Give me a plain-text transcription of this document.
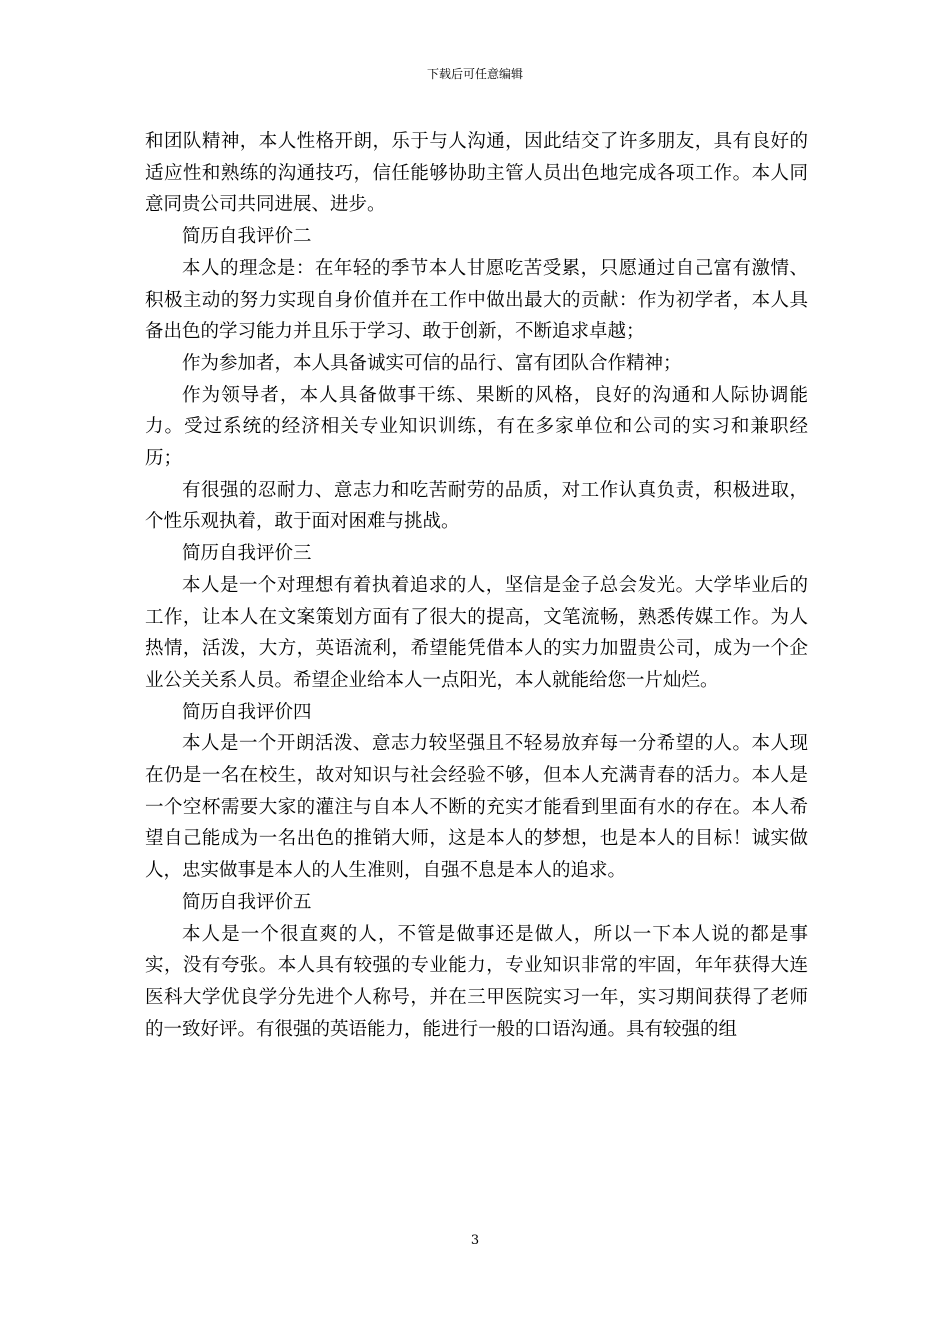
下载后可任意编辑

和团队精神，本人性格开朗，乐于与人沟通，因此结交了许多朋友，具有良好的适应性和熟练的沟通技巧，信任能够协助主管人员出色地完成各项工作。本人同意同贵公司共同进展、进步。

简历自我评价二

本人的理念是：在年轻的季节本人甘愿吃苦受累，只愿通过自己富有激情、积极主动的努力实现自身价值并在工作中做出最大的贡献：作为初学者，本人具备出色的学习能力并且乐于学习、敢于创新，不断追求卓越；

作为参加者，本人具备诚实可信的品行、富有团队合作精神；

作为领导者，本人具备做事干练、果断的风格，良好的沟通和人际协调能力。受过系统的经济相关专业知识训练，有在多家单位和公司的实习和兼职经历；

有很强的忍耐力、意志力和吃苦耐劳的品质，对工作认真负责，积极进取，个性乐观执着，敢于面对困难与挑战。

简历自我评价三

本人是一个对理想有着执着追求的人，坚信是金子总会发光。大学毕业后的工作，让本人在文案策划方面有了很大的提高，文笔流畅，熟悉传媒工作。为人热情，活泼，大方，英语流利，希望能凭借本人的实力加盟贵公司，成为一个企业公关关系人员。希望企业给本人一点阳光，本人就能给您一片灿烂。

简历自我评价四

本人是一个开朗活泼、意志力较坚强且不轻易放弃每一分希望的人。本人现在仍是一名在校生，故对知识与社会经验不够，但本人充满青春的活力。本人是一个空杯需要大家的灌注与自本人不断的充实才能看到里面有水的存在。本人希望自己能成为一名出色的推销大师，这是本人的梦想，也是本人的目标！诚实做人，忠实做事是本人的人生准则，自强不息是本人的追求。

简历自我评价五

本人是一个很直爽的人，不管是做事还是做人，所以一下本人说的都是事实，没有夸张。本人具有较强的专业能力，专业知识非常的牢固，年年获得大连医科大学优良学分先进个人称号，并在三甲医院实习一年，实习期间获得了老师的一致好评。有很强的英语能力，能进行一般的口语沟通。具有较强的组

3
